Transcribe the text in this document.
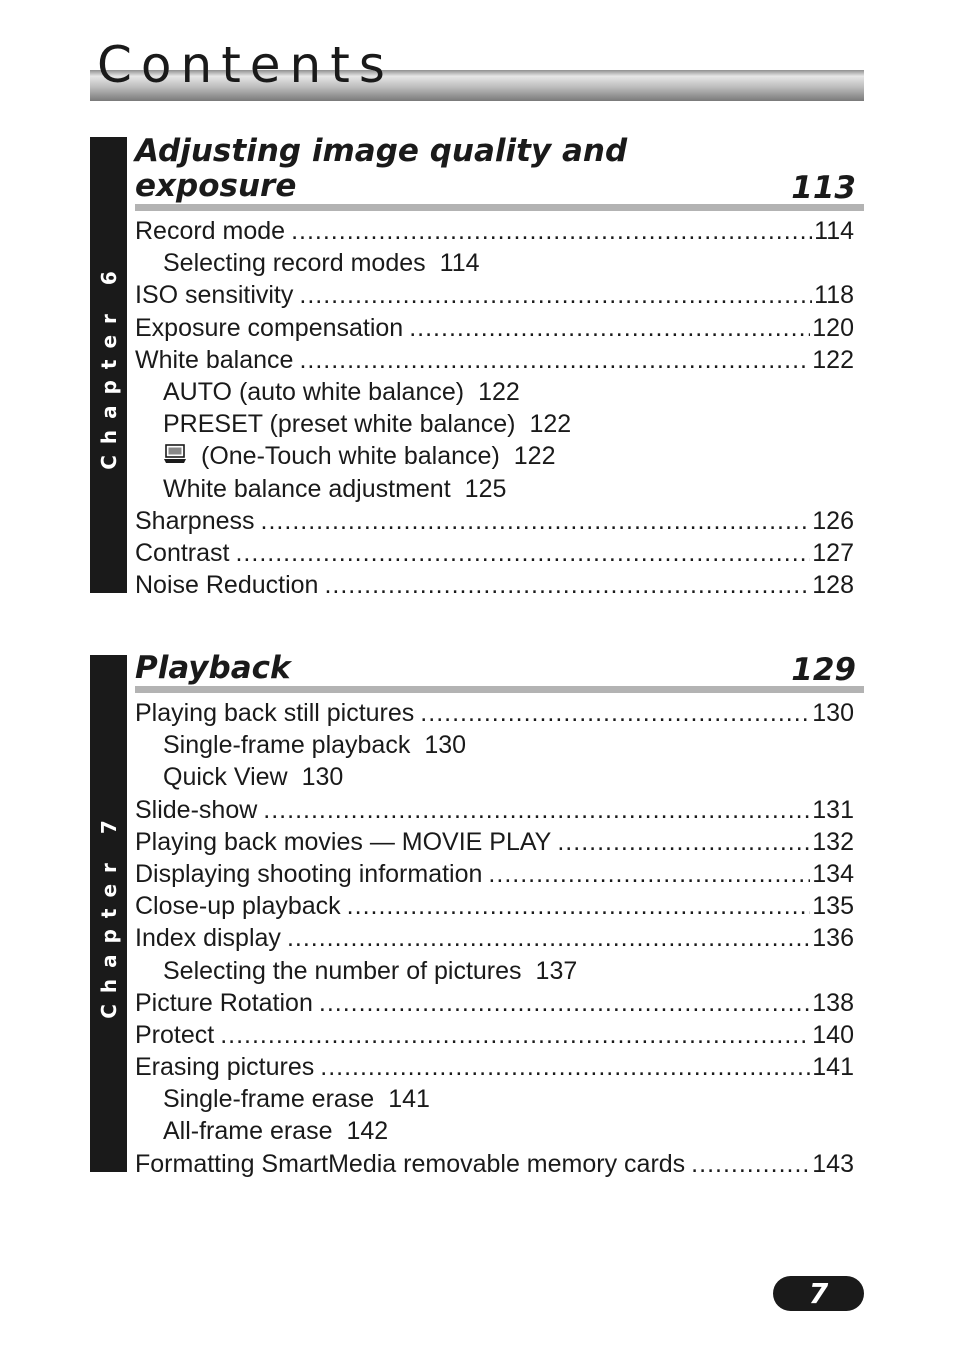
Contents
Chapter 6
Adjusting image quality and
exposure	113
Record mode .....	114
Selecting record modes 114
ISO sensitivity .....	118
Exposure compensation .....	120
White balance .....	122
AUTO (auto white balance) 122
PRESET (preset white balance) 122
(One-Touch white balance) 122
White balance adjustment 125
Sharpness .....	126
Contrast .....	127
Noise Reduction .....	128
Chapter 7
Playback	129
Playing back still pictures .....	130
Single-frame playback 130
Quick View 130
Slide-show .....	131
Playing back movies — MOVIE PLAY .....	132
Displaying shooting information .....	134
Close-up playback .....	135
Index display .....	136
Selecting the number of pictures 137
Picture Rotation .....	138
Protect .....	140
Erasing pictures .....	141
Single-frame erase 141
All-frame erase 142
Formatting SmartMedia removable memory cards .....	143
7
